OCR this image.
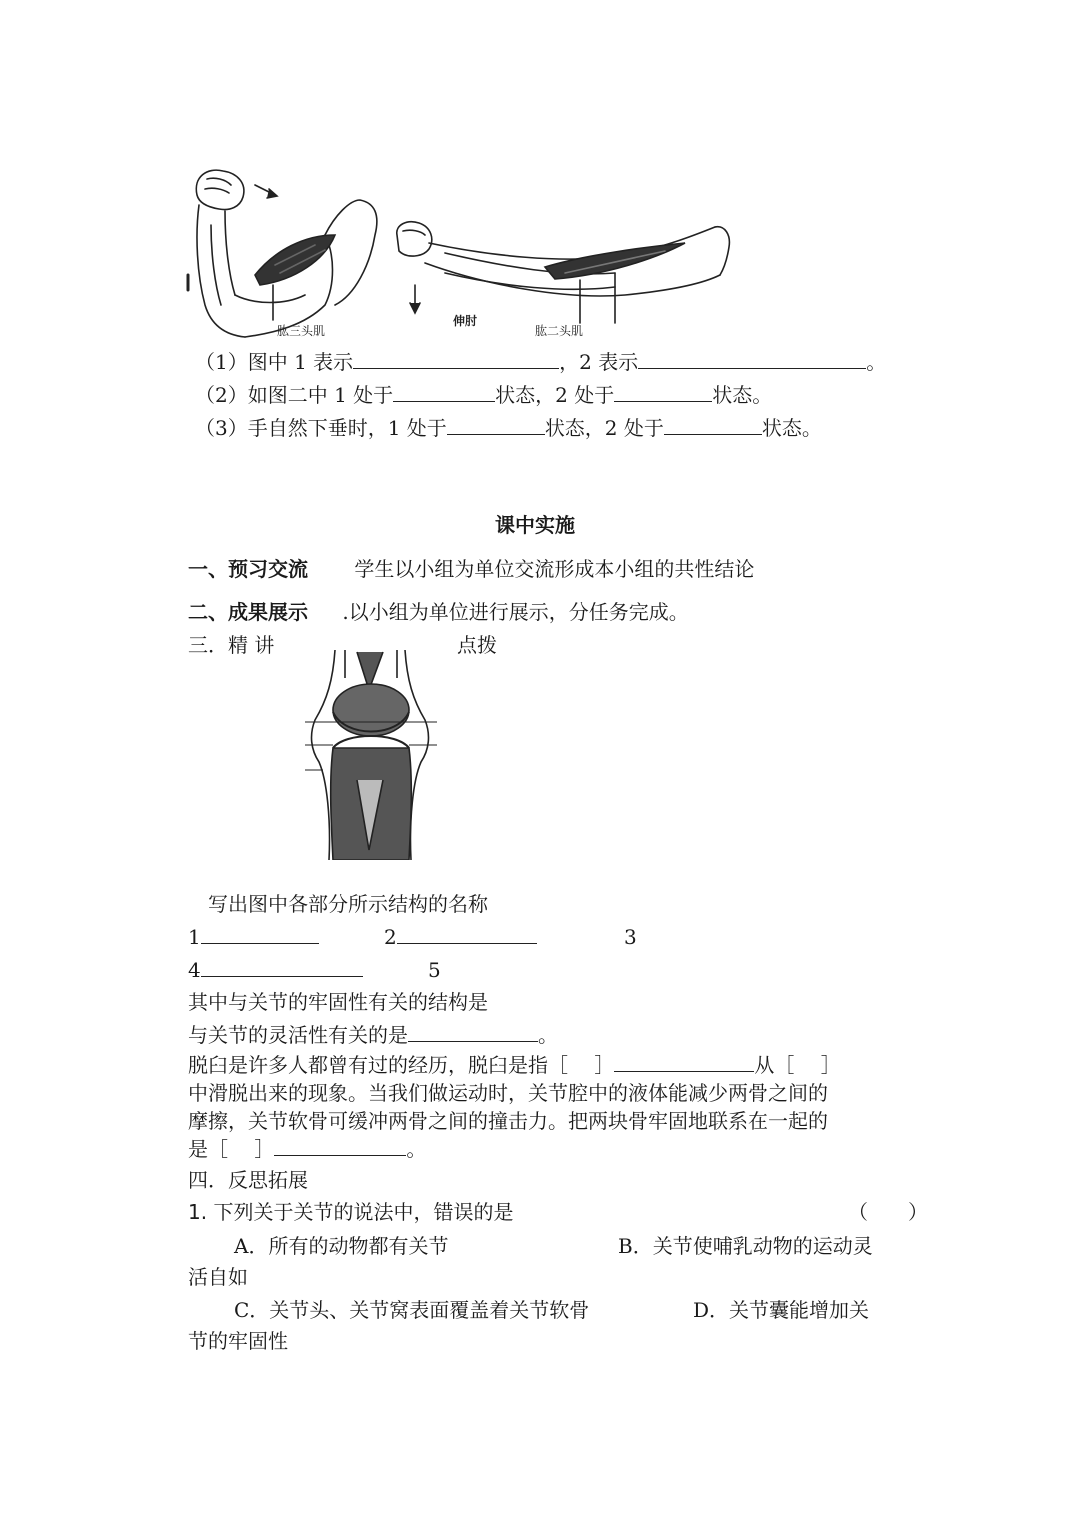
肱三头肌
伸肘
肱二头肌
（1）图中 1 表示	，2 表示	。
（2）如图二中 1 处于	状态，2 处于	状态。
（3）手自然下垂时，1 处于	状态，2 处于	状态。
课中实施
一、预习交流 学生以小组为单位交流形成本小组的共性结论
二、成果展示 .以小组为单位进行展示，分任务完成。
三．精 讲	点拨
写出图中各部分所示结构的名称
1	2	3
4	5
其中与关节的牢固性有关的结构是
与关节的灵活性有关的是	。
脱臼是许多人都曾有过的经历，脱臼是指［　 ］	从［　 ］
中滑脱出来的现象。当我们做运动时，关节腔中的液体能减少两骨之间的
摩擦，关节软骨可缓冲两骨之间的撞击力。把两块骨牢固地联系在一起的
是［　 ］	。
四．反思拓展
1. 下列关于关节的说法中，错误的是	（　　）
A．所有的动物都有关节	B．关节使哺乳动物的运动灵
活自如
C．关节头、关节窝表面覆盖着关节软骨	D．关节囊能增加关
节的牢固性
